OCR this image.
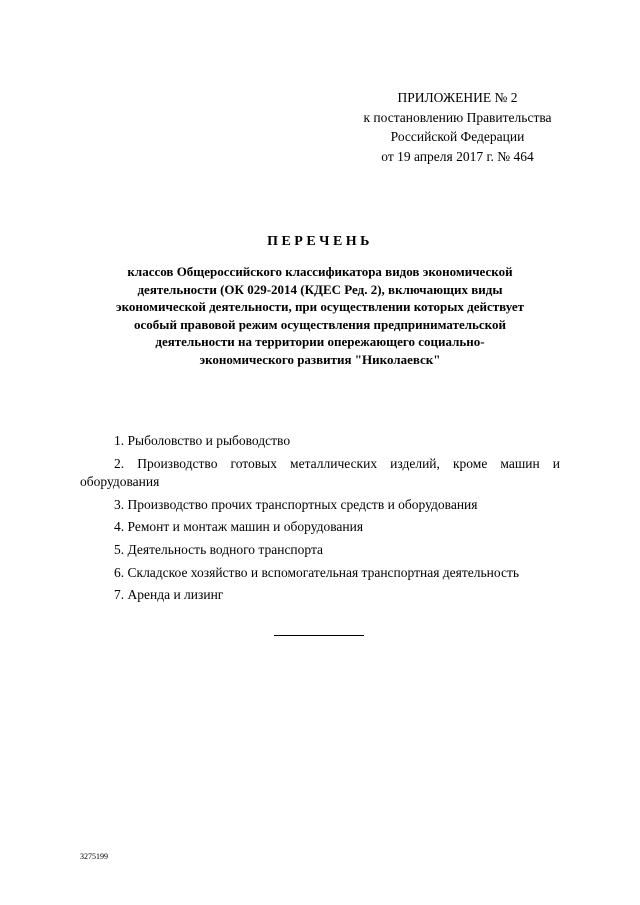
ПРИЛОЖЕНИЕ № 2
к постановлению Правительства
Российской Федерации
от 19 апреля 2017 г. № 464
ПЕРЕЧЕНЬ
классов Общероссийского классификатора видов экономической
деятельности (ОК 029-2014 (КДЕС Ред. 2), включающих виды
экономической деятельности, при осуществлении которых действует
особый правовой режим осуществления предпринимательской
деятельности на территории опережающего социально-
экономического развития "Николаевск"
1. Рыболовство и рыбоводство
2. Производство готовых металлических изделий, кроме машин и оборудования
3. Производство прочих транспортных средств и оборудования
4. Ремонт и монтаж машин и оборудования
5. Деятельность водного транспорта
6. Складское хозяйство и вспомогательная транспортная деятельность
7. Аренда и лизинг
3275199
